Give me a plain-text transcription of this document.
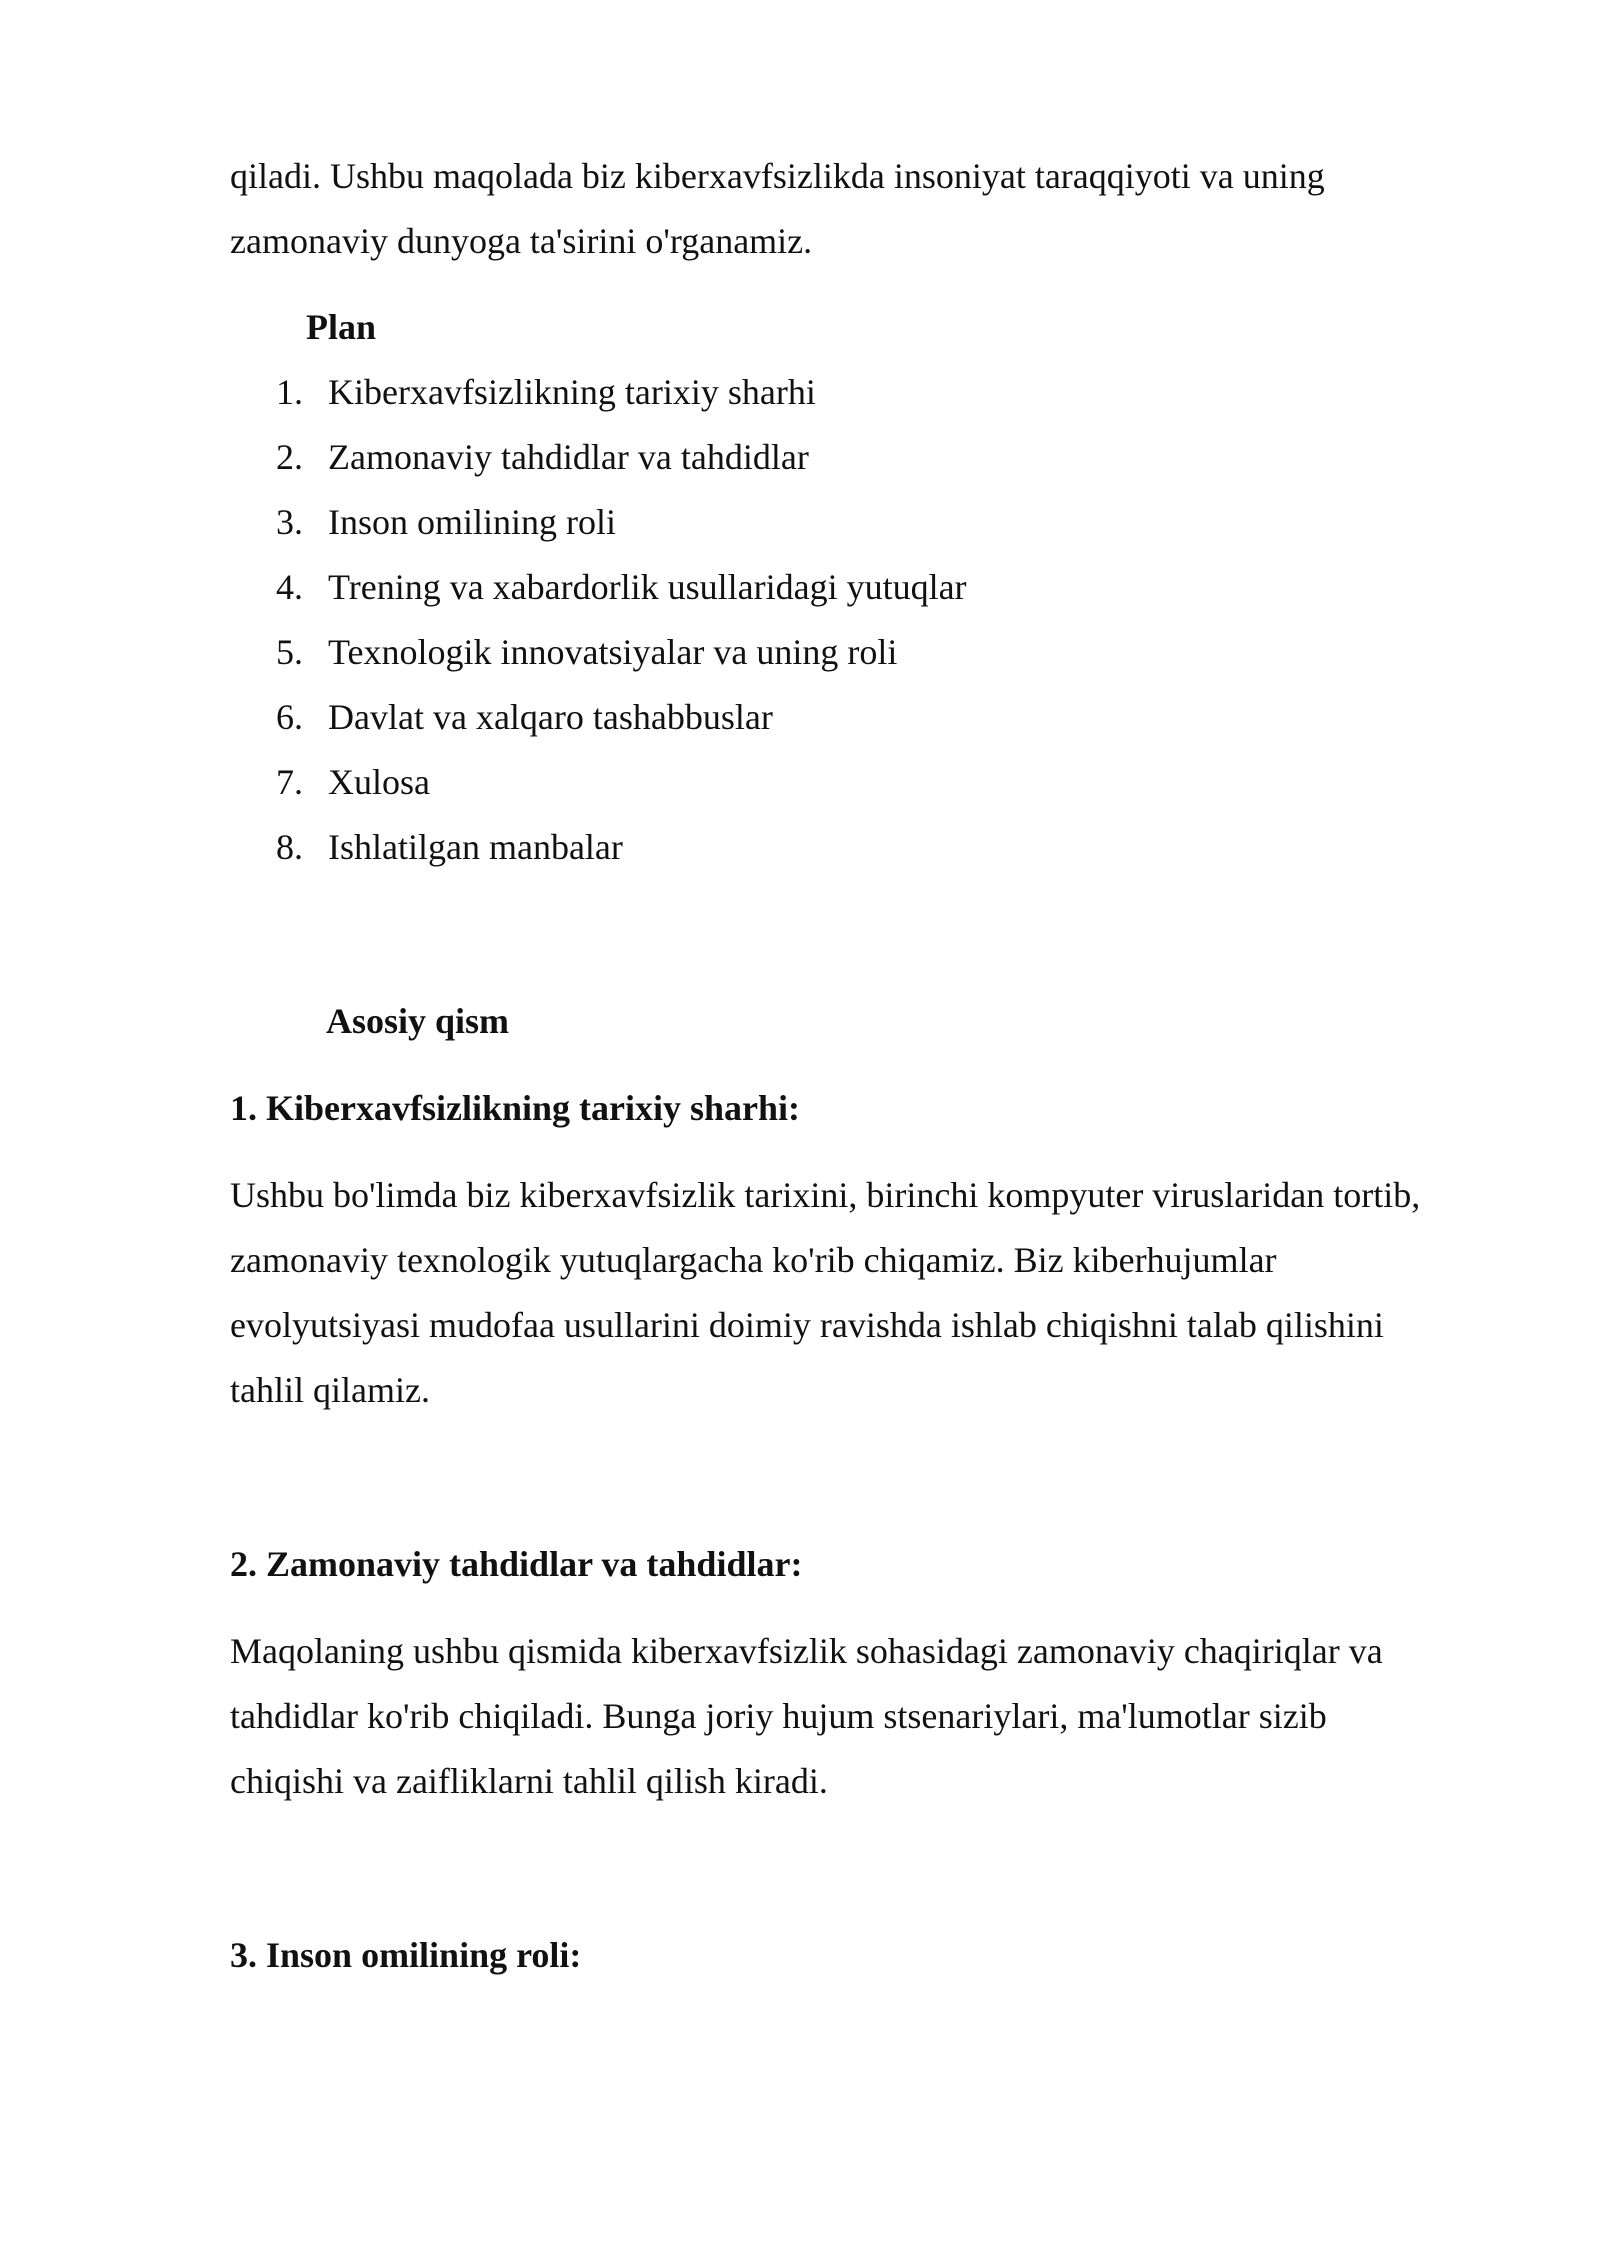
qiladi. Ushbu maqolada biz kiberxavfsizlikda insoniyat taraqqiyoti va uning

zamonaviy dunyoga ta'sirini o'rganamiz.

Plan

1. Kiberxavfsizlikning tarixiy sharhi
2. Zamonaviy tahdidlar va tahdidlar
3. Inson omilining roli
4. Trening va xabardorlik usullaridagi yutuqlar
5. Texnologik innovatsiyalar va uning roli
6. Davlat va xalqaro tashabbuslar
7. Xulosa
8. Ishlatilgan manbalar

Asosiy qism

1. Kiberxavfsizlikning tarixiy sharhi:

Ushbu bo'limda biz kiberxavfsizlik tarixini, birinchi kompyuter viruslaridan tortib,

zamonaviy texnologik yutuqlargacha ko'rib chiqamiz. Biz kiberhujumlar

evolyutsiyasi mudofaa usullarini doimiy ravishda ishlab chiqishni talab qilishini

tahlil qilamiz.

2. Zamonaviy tahdidlar va tahdidlar:

Maqolaning ushbu qismida kiberxavfsizlik sohasidagi zamonaviy chaqiriqlar va

tahdidlar ko'rib chiqiladi. Bunga joriy hujum stsenariylari, ma'lumotlar sizib

chiqishi va zaifliklarni tahlil qilish kiradi.

3. Inson omilining roli:
